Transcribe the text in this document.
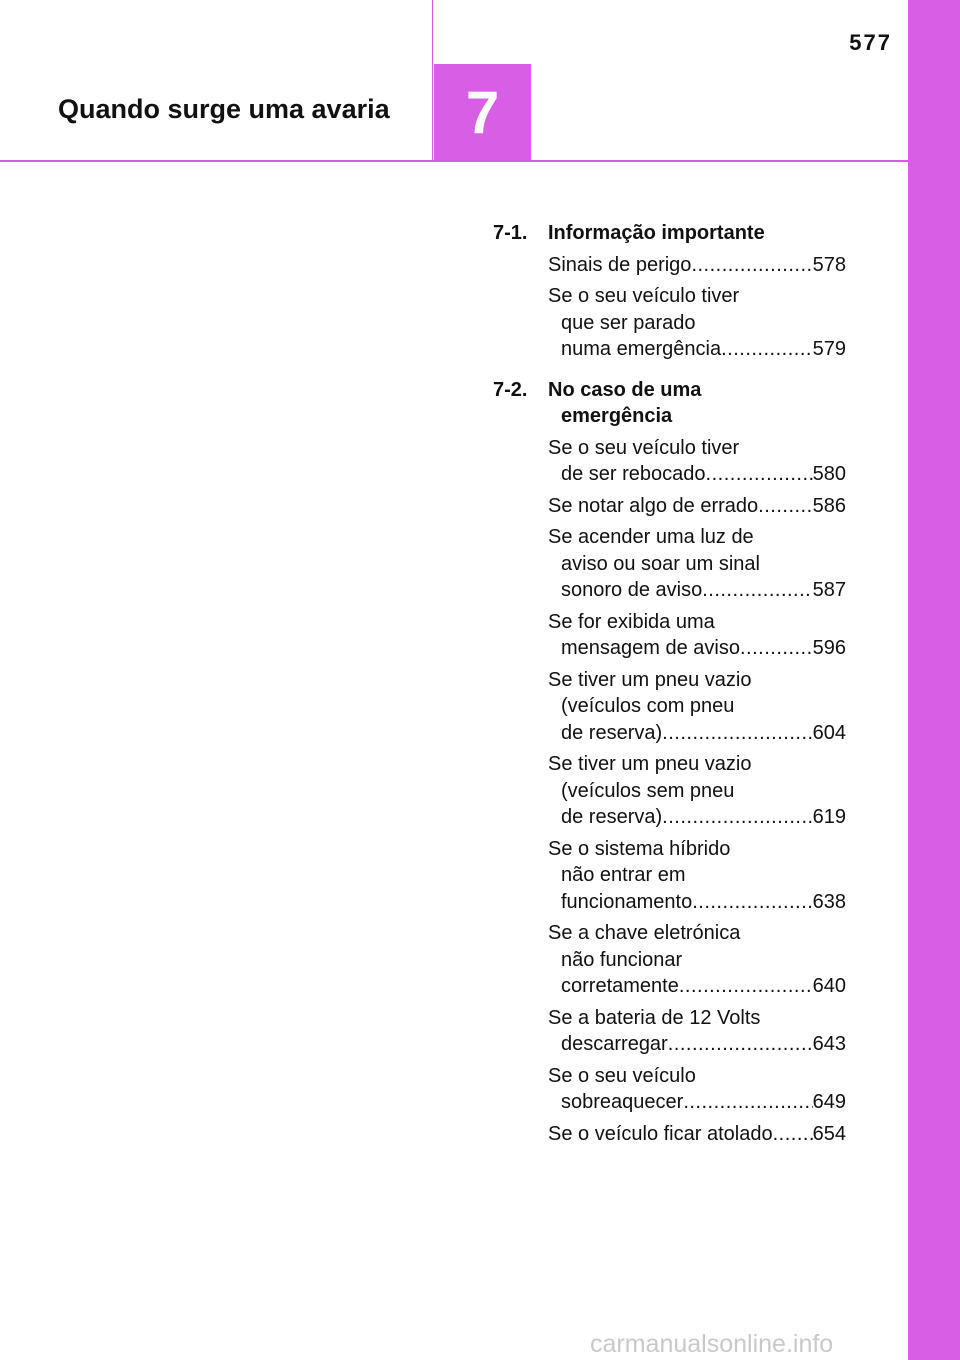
577
Quando surge uma avaria	7
7-1.	Informação importante
Sinais de perigo .....	578
Se o seu veículo tiver
que ser parado
numa emergência .....	579
7-2.	No caso de uma
emergência
Se o seu veículo tiver
de ser rebocado .....	580
Se notar algo de errado .....	586
Se acender uma luz de
aviso ou soar um sinal
sonoro de aviso .....	587
Se for exibida uma
mensagem de aviso .....	596
Se tiver um pneu vazio
(veículos com pneu
de reserva) .....	604
Se tiver um pneu vazio
(veículos sem pneu
de reserva) .....	619
Se o sistema híbrido
não entrar em
funcionamento .....	638
Se a chave eletrónica
não funcionar
corretamente .....	640
Se a bateria de 12 Volts
descarregar .....	643
Se o seu veículo
sobreaquecer .....	649
Se o veículo ficar atolado ..... 654
carmanualsonline.info
